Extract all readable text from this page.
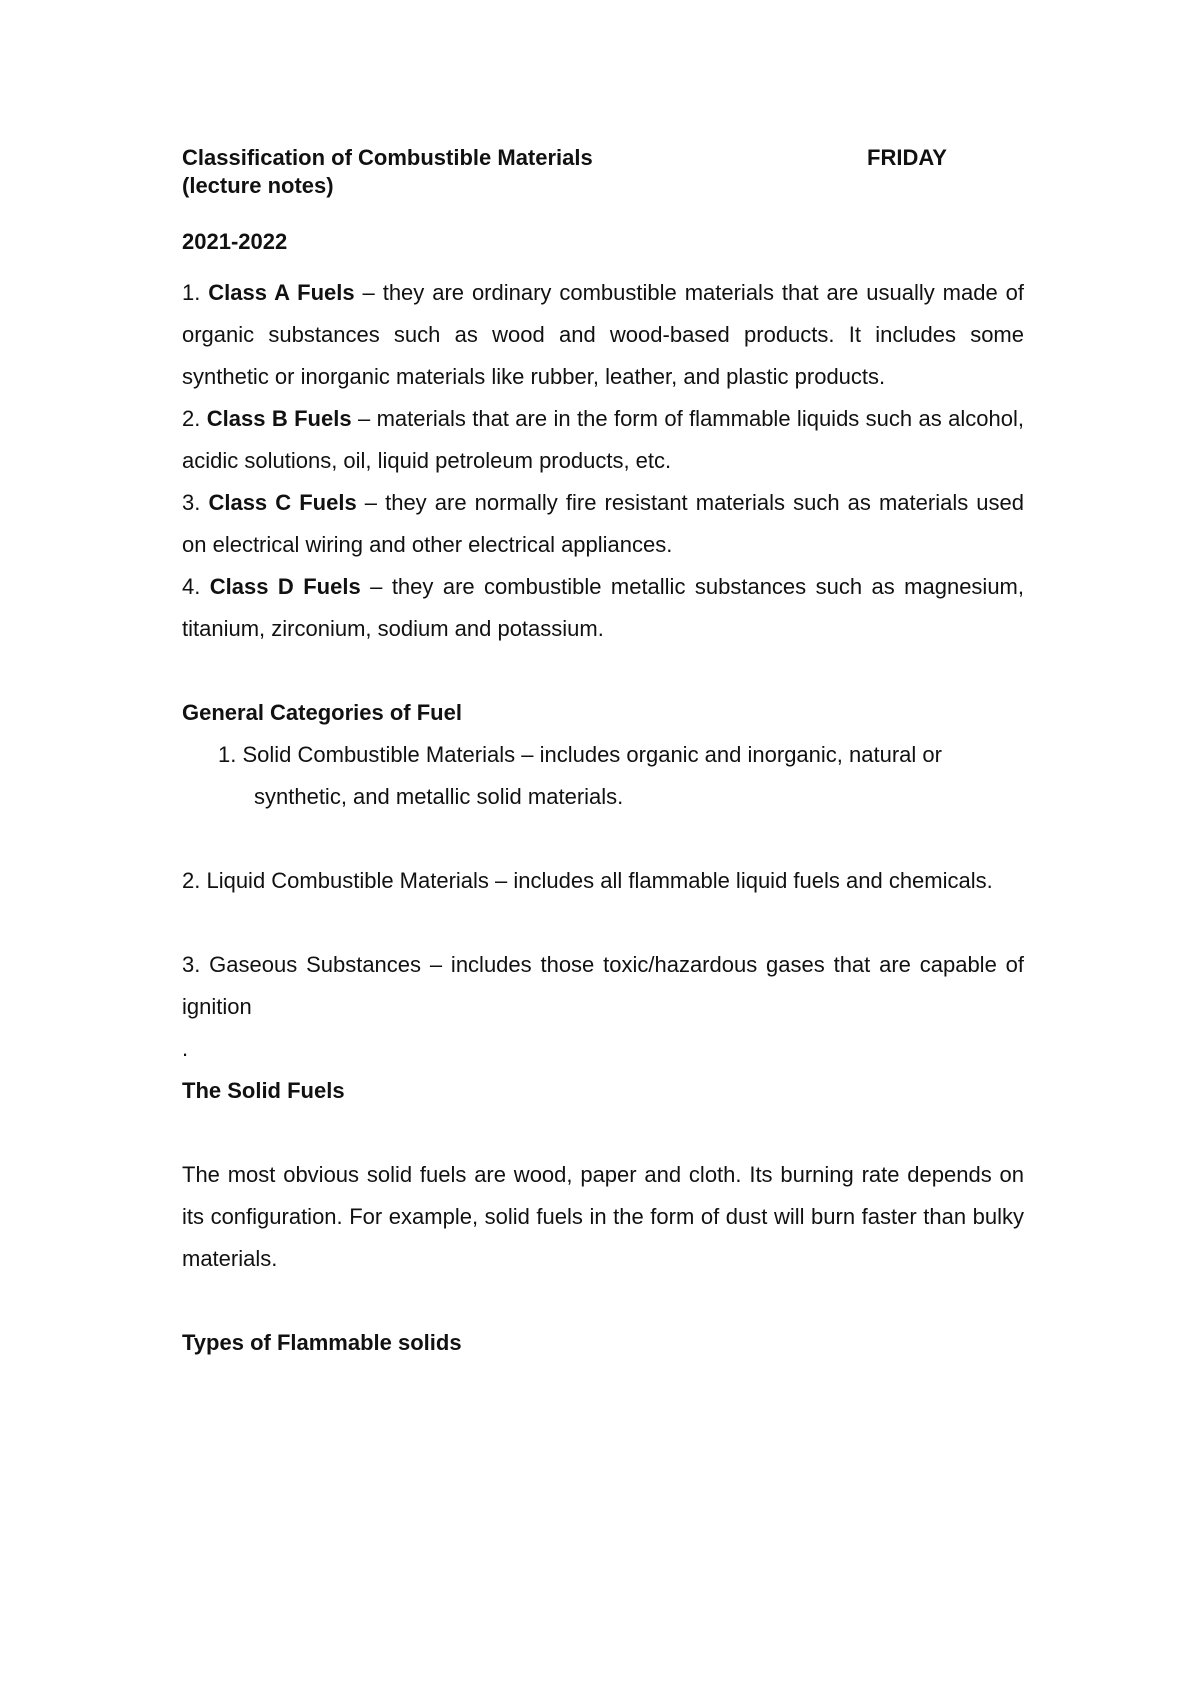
Classification of Combustible Materials	FRIDAY
(lecture notes)
2021-2022

1. Class A Fuels – they are ordinary combustible materials that are usually made of organic substances such as wood and wood-based products. It includes some synthetic or inorganic materials like rubber, leather, and plastic products.

2. Class B Fuels – materials that are in the form of flammable liquids such as alcohol, acidic solutions, oil, liquid petroleum products, etc.

3. Class C Fuels – they are normally fire resistant materials such as materials used on electrical wiring and other electrical appliances.

4. Class D Fuels – they are combustible metallic substances such as magnesium, titanium, zirconium, sodium and potassium.

General Categories of Fuel

1. Solid Combustible Materials – includes organic and inorganic, natural or

synthetic, and metallic solid materials.

2. Liquid Combustible Materials – includes all flammable liquid fuels and chemicals.

3. Gaseous Substances – includes those toxic/hazardous gases that are capable of ignition

.

The Solid Fuels

The most obvious solid fuels are wood, paper and cloth. Its burning rate depends on its configuration. For example, solid fuels in the form of dust will burn faster than bulky materials.

Types of Flammable solids
